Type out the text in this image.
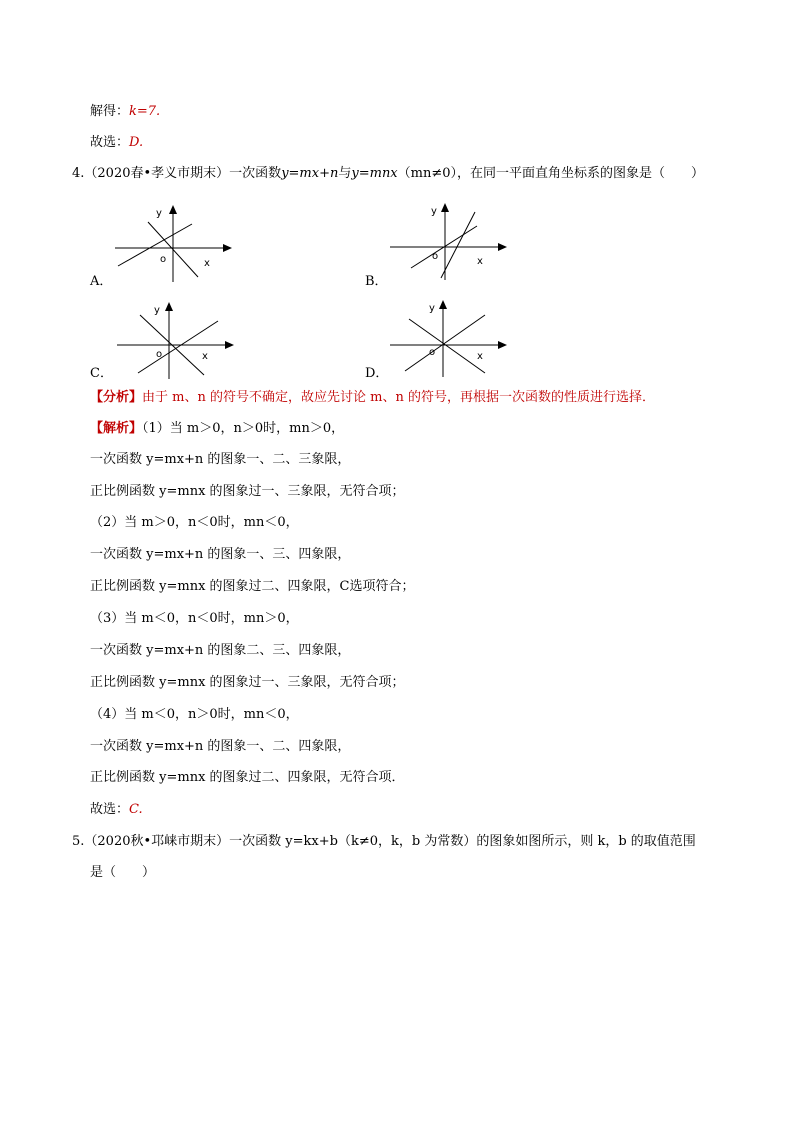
解得：k=7.
故选：D.
4.（2020春•孝义市期末）一次函数y=mx+n与y=mnx（mn≠0），在同一平面直角坐标系的图象是（　　）
y
x
o
A．
y
x
o
B．
y
x
o
C．
y
x
o
D．
【分析】由于 m、n 的符号不确定，故应先讨论 m、n 的符号，再根据一次函数的性质进行选择．
【解析】（1）当 m＞0，n＞0时，mn＞0，
一次函数 y=mx+n 的图象一、二、三象限，
正比例函数 y=mnx 的图象过一、三象限，无符合项；
（2）当 m＞0，n＜0时，mn＜0，
一次函数 y=mx+n 的图象一、三、四象限，
正比例函数 y=mnx 的图象过二、四象限，C选项符合；
（3）当 m＜0，n＜0时，mn＞0，
一次函数 y=mx+n 的图象二、三、四象限，
正比例函数 y=mnx 的图象过一、三象限，无符合项；
（4）当 m＜0，n＞0时，mn＜0，
一次函数 y=mx+n 的图象一、二、四象限，
正比例函数 y=mnx 的图象过二、四象限，无符合项．
故选：C.
5.（2020秋•邛崃市期末）一次函数 y=kx+b（k≠0，k，b 为常数）的图象如图所示，则 k，b 的取值范围
是（　　）
